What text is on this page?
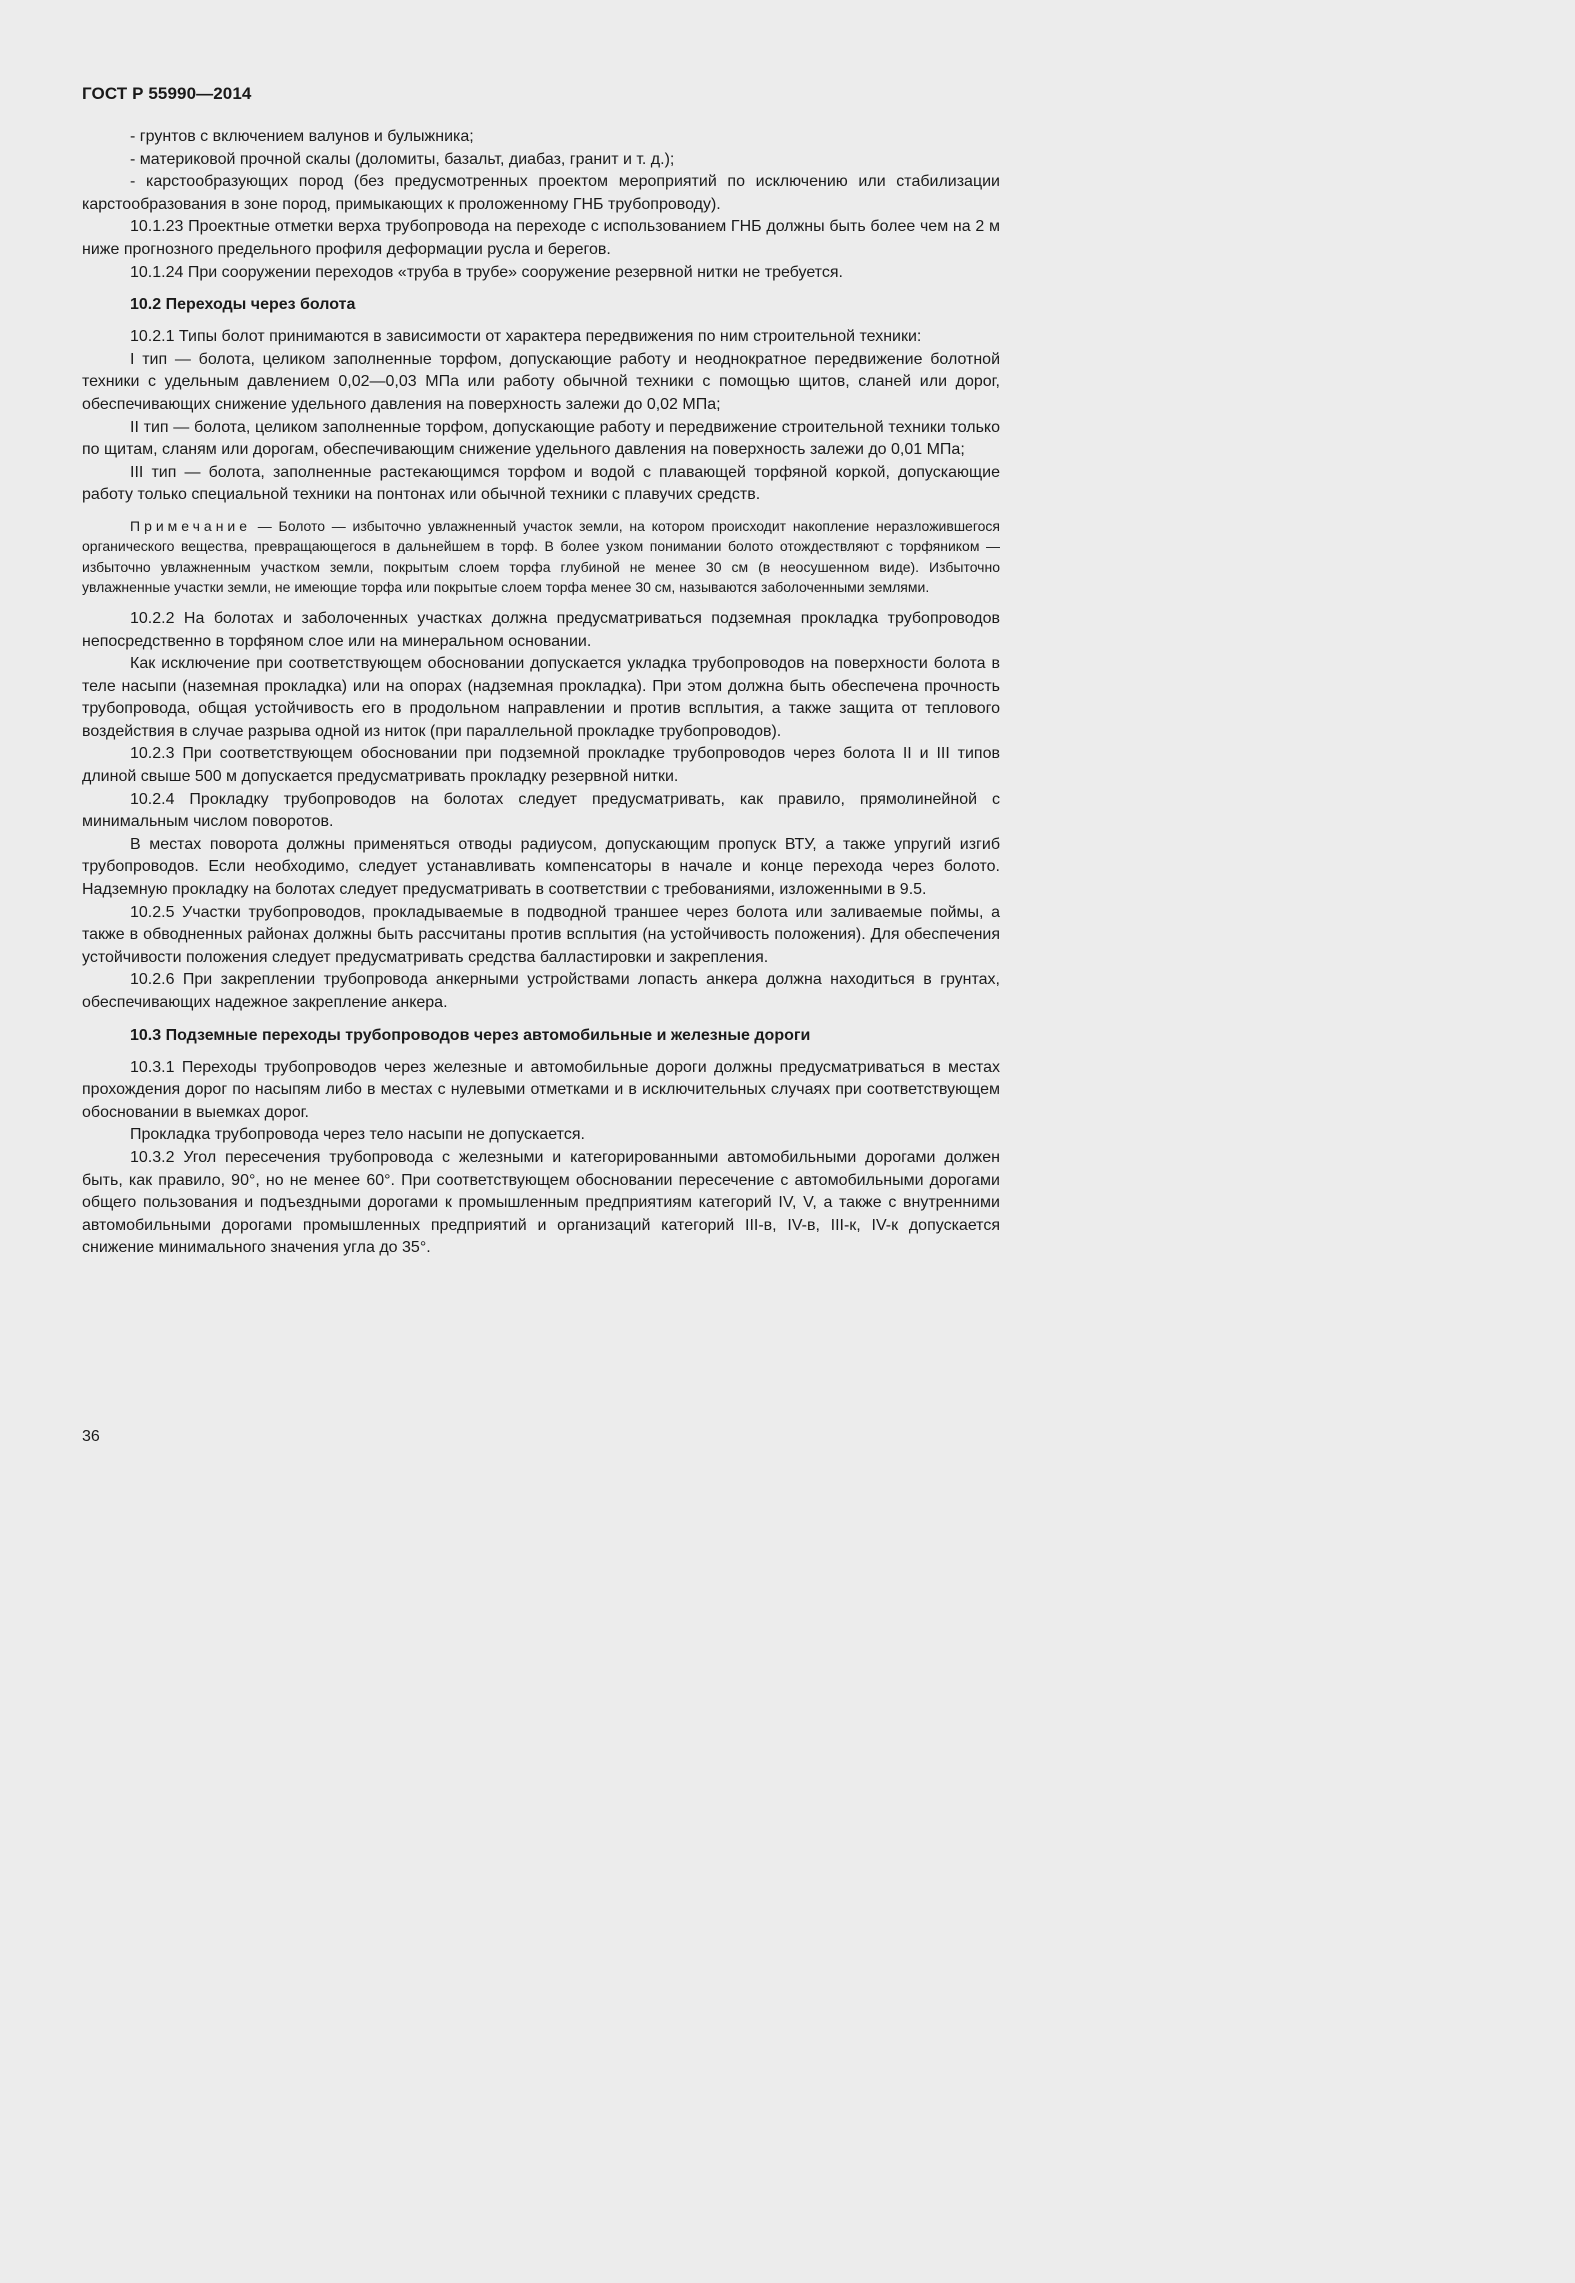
ГОСТ Р 55990—2014

- грунтов с включением валунов и булыжника;

- материковой прочной скалы (доломиты, базальт, диабаз, гранит и т. д.);

- карстообразующих пород (без предусмотренных проектом мероприятий по исключению или стабилизации карстообразования в зоне пород, примыкающих к проложенному ГНБ трубопроводу).

10.1.23 Проектные отметки верха трубопровода на переходе с использованием ГНБ должны быть более чем на 2 м ниже прогнозного предельного профиля деформации русла и берегов.

10.1.24 При сооружении переходов «труба в трубе» сооружение резервной нитки не требуется.

10.2 Переходы через болота

10.2.1 Типы болот принимаются в зависимости от характера передвижения по ним строительной техники:

I тип — болота, целиком заполненные торфом, допускающие работу и неоднократное передвижение болотной техники с удельным давлением 0,02—0,03 МПа или работу обычной техники с помощью щитов, сланей или дорог, обеспечивающих снижение удельного давления на поверхность залежи до 0,02 МПа;

II тип — болота, целиком заполненные торфом, допускающие работу и передвижение строительной техники только по щитам, сланям или дорогам, обеспечивающим снижение удельного давления на поверхность залежи до 0,01 МПа;

III тип — болота, заполненные растекающимся торфом и водой с плавающей торфяной коркой, допускающие работу только специальной техники на понтонах или обычной техники с плавучих средств.

Примечание — Болото — избыточно увлажненный участок земли, на котором происходит накопление неразложившегося органического вещества, превращающегося в дальнейшем в торф. В более узком понимании болото отождествляют с торфяником — избыточно увлажненным участком земли, покрытым слоем торфа глубиной не менее 30 см (в неосушенном виде). Избыточно увлажненные участки земли, не имеющие торфа или покрытые слоем торфа менее 30 см, называются заболоченными землями.

10.2.2 На болотах и заболоченных участках должна предусматриваться подземная прокладка трубопроводов непосредственно в торфяном слое или на минеральном основании.

Как исключение при соответствующем обосновании допускается укладка трубопроводов на поверхности болота в теле насыпи (наземная прокладка) или на опорах (надземная прокладка). При этом должна быть обеспечена прочность трубопровода, общая устойчивость его в продольном направлении и против всплытия, а также защита от теплового воздействия в случае разрыва одной из ниток (при параллельной прокладке трубопроводов).

10.2.3 При соответствующем обосновании при подземной прокладке трубопроводов через болота II и III типов длиной свыше 500 м допускается предусматривать прокладку резервной нитки.

10.2.4 Прокладку трубопроводов на болотах следует предусматривать, как правило, прямолинейной с минимальным числом поворотов.

В местах поворота должны применяться отводы радиусом, допускающим пропуск ВТУ, а также упругий изгиб трубопроводов. Если необходимо, следует устанавливать компенсаторы в начале и конце перехода через болото. Надземную прокладку на болотах следует предусматривать в соответствии с требованиями, изложенными в 9.5.

10.2.5 Участки трубопроводов, прокладываемые в подводной траншее через болота или заливаемые поймы, а также в обводненных районах должны быть рассчитаны против всплытия (на устойчивость положения). Для обеспечения устойчивости положения следует предусматривать средства балластировки и закрепления.

10.2.6 При закреплении трубопровода анкерными устройствами лопасть анкера должна находиться в грунтах, обеспечивающих надежное закрепление анкера.

10.3 Подземные переходы трубопроводов через автомобильные и железные дороги

10.3.1 Переходы трубопроводов через железные и автомобильные дороги должны предусматриваться в местах прохождения дорог по насыпям либо в местах с нулевыми отметками и в исключительных случаях при соответствующем обосновании в выемках дорог.

Прокладка трубопровода через тело насыпи не допускается.

10.3.2 Угол пересечения трубопровода с железными и категорированными автомобильными дорогами должен быть, как правило, 90°, но не менее 60°. При соответствующем обосновании пересечение с автомобильными дорогами общего пользования и подъездными дорогами к промышленным предприятиям категорий IV, V, а также с внутренними автомобильными дорогами промышленных предприятий и организаций категорий III-в, IV-в, III-к, IV-к допускается снижение минимального значения угла до 35°.

36
